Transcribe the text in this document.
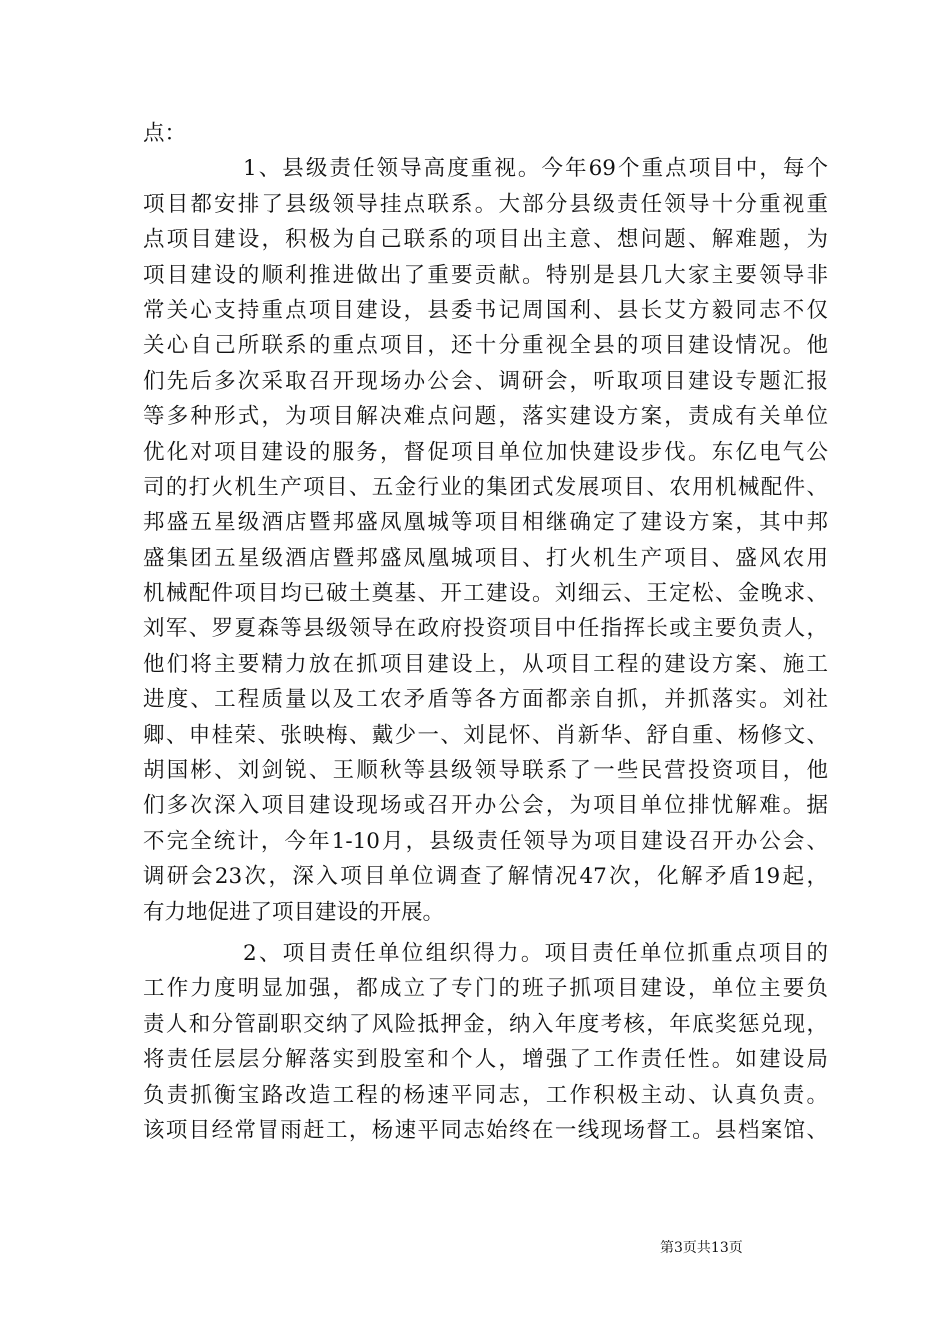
点：
1、县级责任领导高度重视。今年69个重点项目中，每个
项目都安排了县级领导挂点联系。大部分县级责任领导十分重视重
点项目建设，积极为自己联系的项目出主意、想问题、解难题，为
项目建设的顺利推进做出了重要贡献。特别是县几大家主要领导非
常关心支持重点项目建设，县委书记周国利、县长艾方毅同志不仅
关心自己所联系的重点项目，还十分重视全县的项目建设情况。他
们先后多次采取召开现场办公会、调研会，听取项目建设专题汇报
等多种形式，为项目解决难点问题，落实建设方案，责成有关单位
优化对项目建设的服务，督促项目单位加快建设步伐。东亿电气公
司的打火机生产项目、五金行业的集团式发展项目、农用机械配件、
邦盛五星级酒店暨邦盛凤凰城等项目相继确定了建设方案，其中邦
盛集团五星级酒店暨邦盛凤凰城项目、打火机生产项目、盛风农用
机械配件项目均已破土奠基、开工建设。刘细云、王定松、金晚求、
刘军、罗夏森等县级领导在政府投资项目中任指挥长或主要负责人，
他们将主要精力放在抓项目建设上，从项目工程的建设方案、施工
进度、工程质量以及工农矛盾等各方面都亲自抓，并抓落实。刘社
卿、申桂荣、张映梅、戴少一、刘昆怀、肖新华、舒自重、杨修文、
胡国彬、刘剑锐、王顺秋等县级领导联系了一些民营投资项目，他
们多次深入项目建设现场或召开办公会，为项目单位排忧解难。据
不完全统计，今年1-10月，县级责任领导为项目建设召开办公会、
调研会23次，深入项目单位调查了解情况47次，化解矛盾19起，
有力地促进了项目建设的开展。
2、项目责任单位组织得力。项目责任单位抓重点项目的
工作力度明显加强，都成立了专门的班子抓项目建设，单位主要负
责人和分管副职交纳了风险抵押金，纳入年度考核，年底奖惩兑现，
将责任层层分解落实到股室和个人，增强了工作责任性。如建设局
负责抓衡宝路改造工程的杨速平同志，工作积极主动、认真负责。
该项目经常冒雨赶工，杨速平同志始终在一线现场督工。县档案馆、
第3页共13页
